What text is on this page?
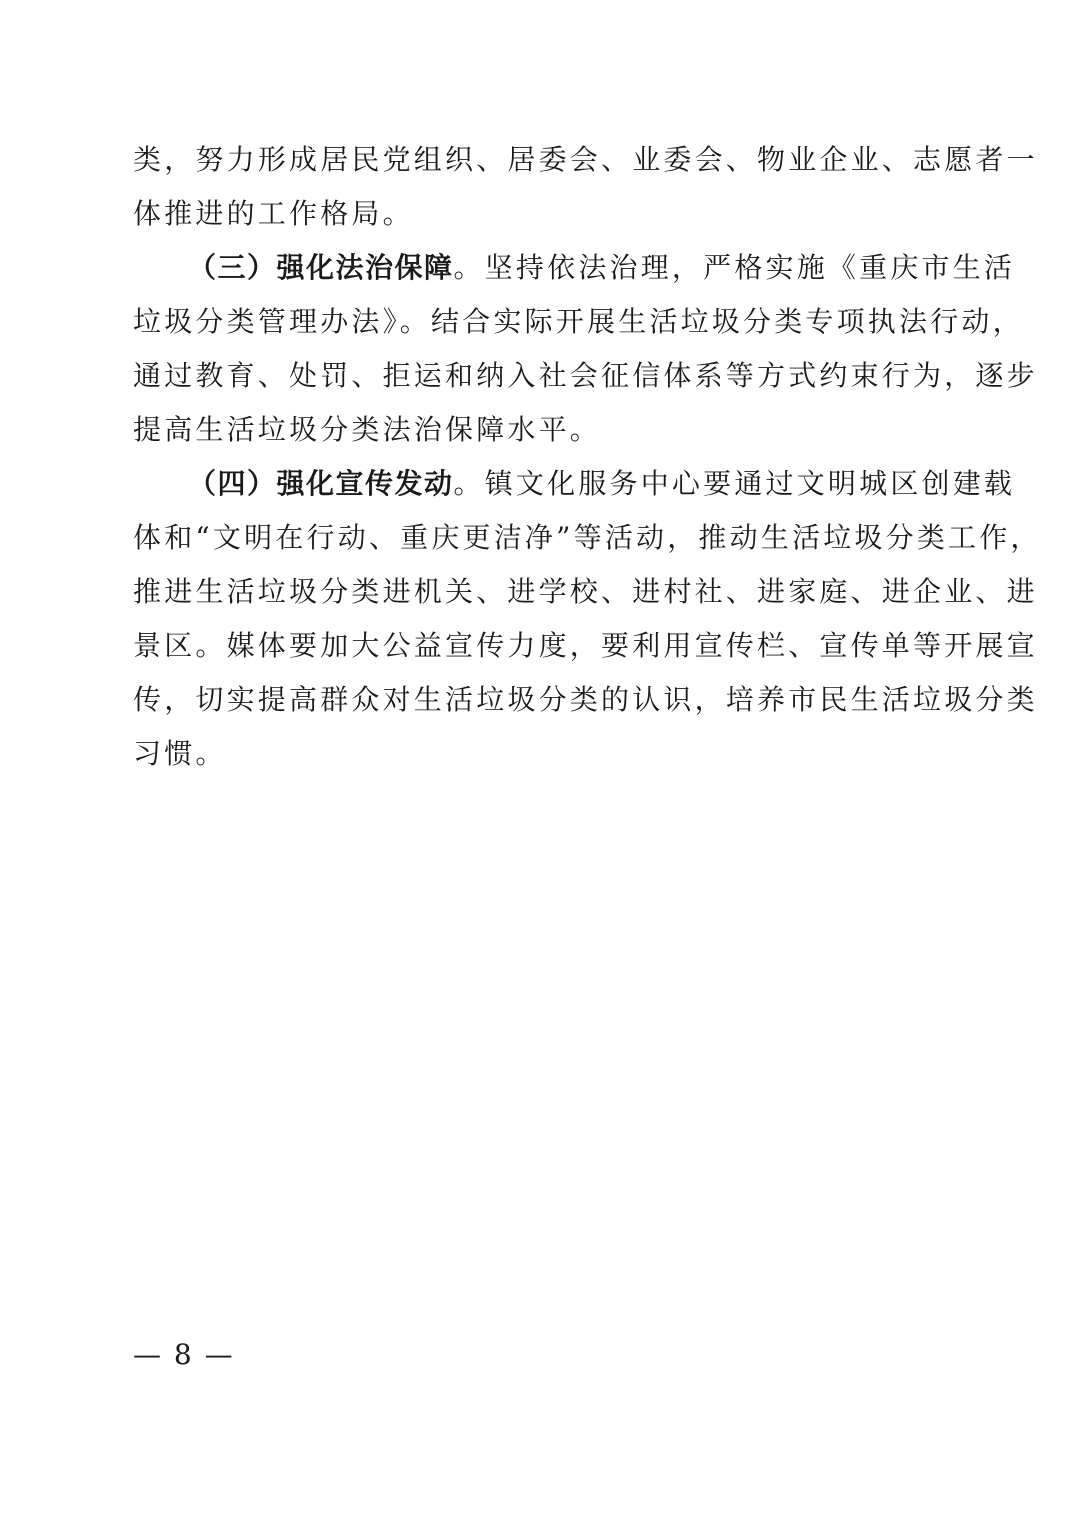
类，努力形成居民党组织、居委会、业委会、物业企业、志愿者一
体推进的工作格局。
（三）强化法治保障。坚持依法治理，严格实施《重庆市生活
垃圾分类管理办法》。结合实际开展生活垃圾分类专项执法行动，
通过教育、处罚、拒运和纳入社会征信体系等方式约束行为，逐步
提高生活垃圾分类法治保障水平。
（四）强化宣传发动。镇文化服务中心要通过文明城区创建载
体和“文明在行动、重庆更洁净”等活动，推动生活垃圾分类工作，
推进生活垃圾分类进机关、进学校、进村社、进家庭、进企业、进
景区。媒体要加大公益宣传力度，要利用宣传栏、宣传单等开展宣
传，切实提高群众对生活垃圾分类的认识，培养市民生活垃圾分类
习惯。
— 8 —
